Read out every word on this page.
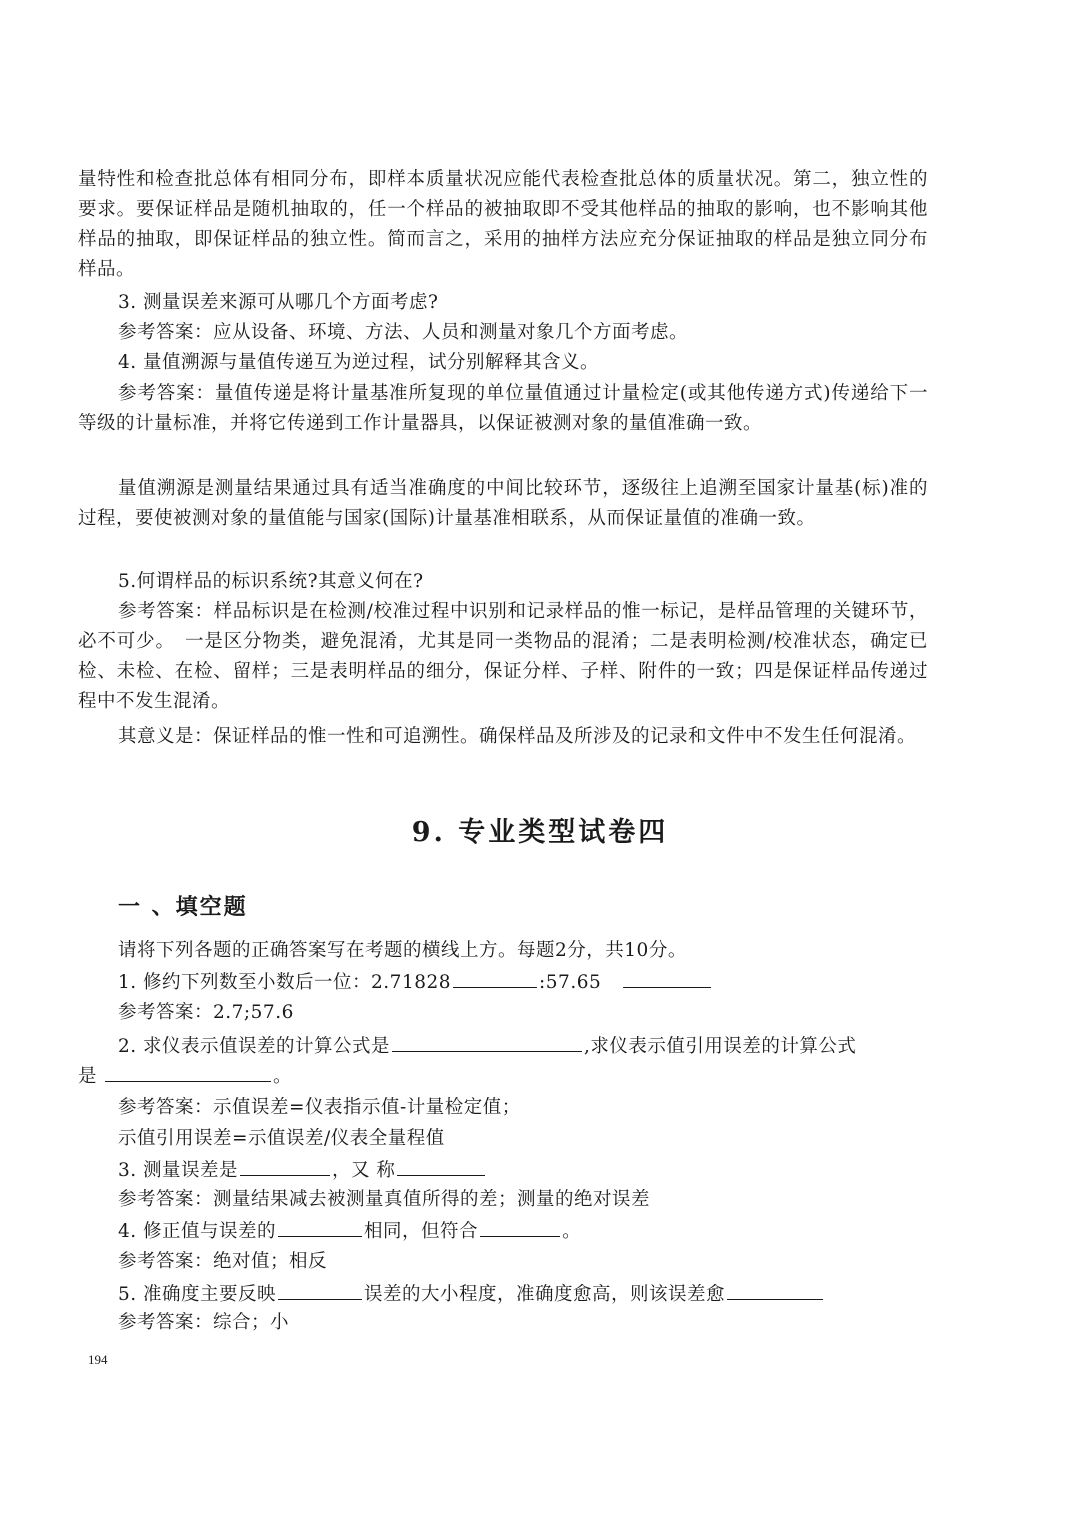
量特性和检查批总体有相同分布，即样本质量状况应能代表检查批总体的质量状况。第二，独立性的要求。要保证样品是随机抽取的，任一个样品的被抽取即不受其他样品的抽取的影响，也不影响其他样品的抽取，即保证样品的独立性。简而言之，采用的抽样方法应充分保证抽取的样品是独立同分布样品。

3. 测量误差来源可从哪几个方面考虑?

参考答案：应从设备、环境、方法、人员和测量对象几个方面考虑。

4. 量值溯源与量值传递互为逆过程，试分别解释其含义。

参考答案：量值传递是将计量基准所复现的单位量值通过计量检定(或其他传递方式)传递给下一等级的计量标准，并将它传递到工作计量器具，以保证被测对象的量值准确一致。

量值溯源是测量结果通过具有适当准确度的中间比较环节，逐级往上追溯至国家计量基(标)准的过程，要使被测对象的量值能与国家(国际)计量基准相联系，从而保证量值的准确一致。

5.何谓样品的标识系统?其意义何在?

参考答案：样品标识是在检测/校准过程中识别和记录样品的惟一标记，是样品管理的关键环节，必不可少。　一是区分物类，避免混淆，尤其是同一类物品的混淆；二是表明检测/校准状态，确定已检、未检、在检、留样；三是表明样品的细分，保证分样、子样、附件的一致；四是保证样品传递过程中不发生混淆。

其意义是：保证样品的惟一性和可追溯性。确保样品及所涉及的记录和文件中不发生任何混淆。

9. 专业类型试卷四
一 、填空题

请将下列各题的正确答案写在考题的横线上方。每题2分，共10分。

1. 修约下列数至小数后一位：2.71828	:57.65

参考答案：2.7;57.6

2. 求仪表示值误差的计算公式是	,求仪表示值引用误差的计算公式

是	。

参考答案：示值误差=仪表指示值-计量检定值；

示值引用误差=示值误差/仪表全量程值

3. 测量误差是	，又 称

参考答案：测量结果减去被测量真值所得的差；测量的绝对误差

4. 修正值与误差的	相同，但符合	。

参考答案：绝对值；相反

5. 准确度主要反映	误差的大小程度，准确度愈高，则该误差愈

参考答案：综合；小

194
